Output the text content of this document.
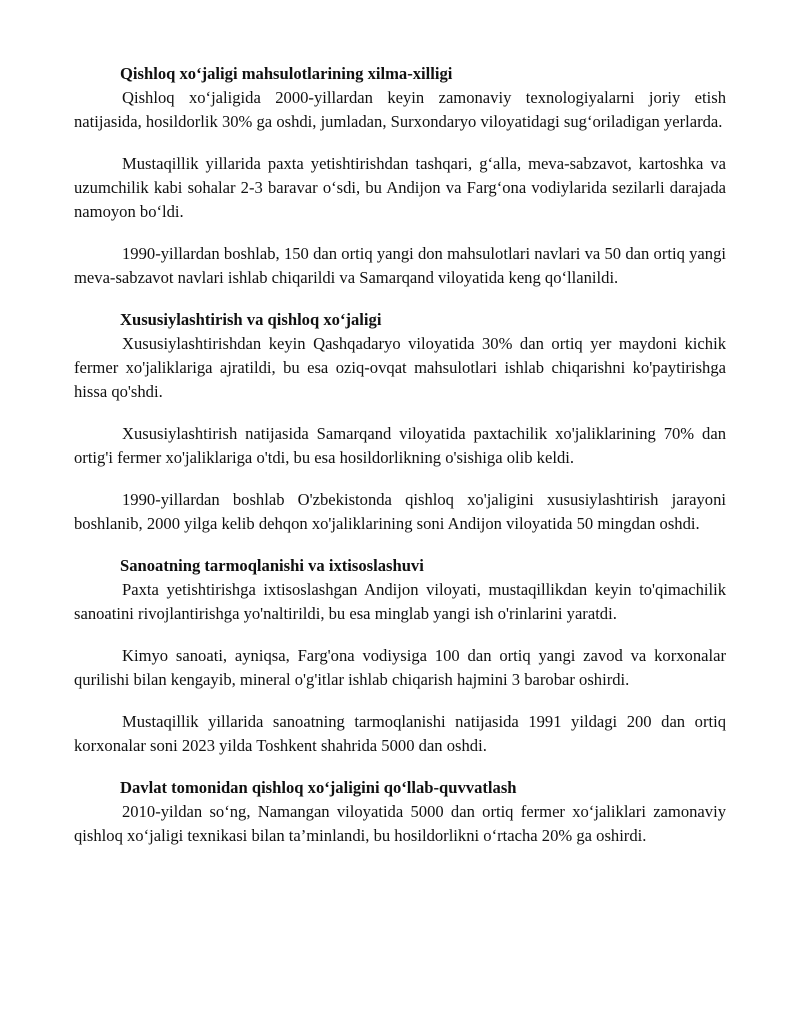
Qishloq xo‘jaligi mahsulotlarining xilma-xilligi

Qishloq xo‘jaligida 2000-yillardan keyin zamonaviy texnologiyalarni joriy etish natijasida, hosildorlik 30% ga oshdi, jumladan, Surxondaryo viloyatidagi sug‘oriladigan yerlarda.

Mustaqillik yillarida paxta yetishtirishdan tashqari, g‘alla, meva-sabzavot, kartoshka va uzumchilik kabi sohalar 2-3 baravar o‘sdi, bu Andijon va Farg‘ona vodiylarida sezilarli darajada namoyon bo‘ldi.

1990-yillardan boshlab, 150 dan ortiq yangi don mahsulotlari navlari va 50 dan ortiq yangi meva-sabzavot navlari ishlab chiqarildi va Samarqand viloyatida keng qo‘llanildi.

Xususiylashtirish va qishloq xo‘jaligi

Xususiylashtirishdan keyin Qashqadaryo viloyatida 30% dan ortiq yer maydoni kichik fermer xo'jaliklariga ajratildi, bu esa oziq-ovqat mahsulotlari ishlab chiqarishni ko'paytirishga hissa qo'shdi.

Xususiylashtirish natijasida Samarqand viloyatida paxtachilik xo'jaliklarining 70% dan ortig'i fermer xo'jaliklariga o'tdi, bu esa hosildorlikning o'sishiga olib keldi.

1990-yillardan boshlab O'zbekistonda qishloq xo'jaligini xususiylashtirish jarayoni boshlanib, 2000 yilga kelib dehqon xo'jaliklarining soni Andijon viloyatida 50 mingdan oshdi.

Sanoatning tarmoqlanishi va ixtisoslashuvi

Paxta yetishtirishga ixtisoslashgan Andijon viloyati, mustaqillikdan keyin to'qimachilik sanoatini rivojlantirishga yo'naltirildi, bu esa minglab yangi ish o'rinlarini yaratdi.

Kimyo sanoati, ayniqsa, Farg'ona vodiysiga 100 dan ortiq yangi zavod va korxonalar qurilishi bilan kengayib, mineral o'g'itlar ishlab chiqarish hajmini 3 barobar oshirdi.

Mustaqillik yillarida sanoatning tarmoqlanishi natijasida 1991 yildagi 200 dan ortiq korxonalar soni 2023 yilda Toshkent shahrida 5000 dan oshdi.

Davlat tomonidan qishloq xo‘jaligini qo‘llab-quvvatlash

2010-yildan so‘ng, Namangan viloyatida 5000 dan ortiq fermer xo‘jaliklari zamonaviy qishloq xo‘jaligi texnikasi bilan ta’minlandi, bu hosildorlikni o‘rtacha 20% ga oshirdi.
